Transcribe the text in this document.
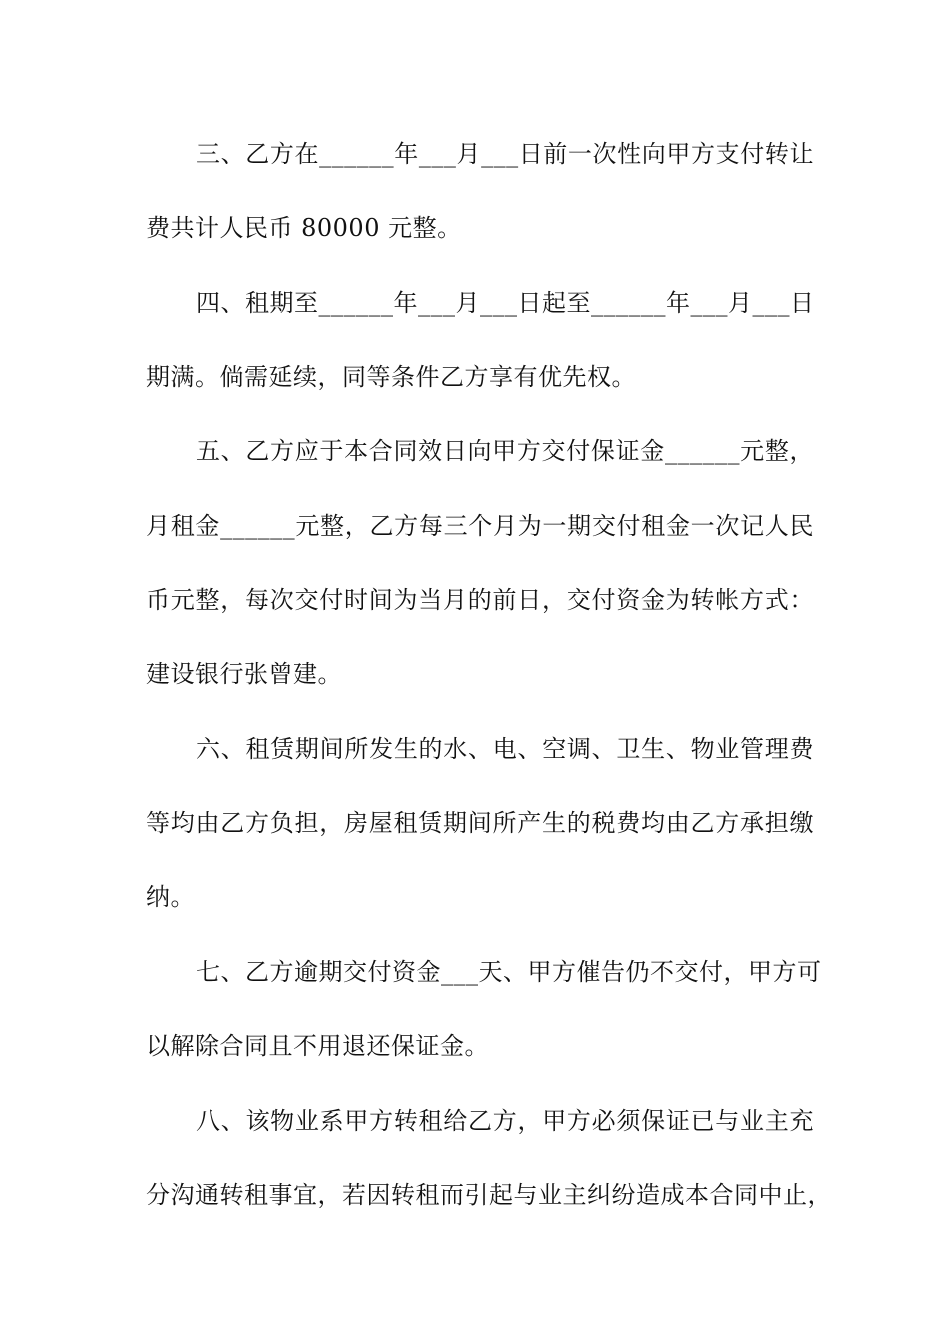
三、乙方在______年___月___日前一次性向甲方支付转让
费共计人民币 80000 元整。
四、租期至______年___月___日起至______年___月___日
期满。倘需延续，同等条件乙方享有优先权。
五、乙方应于本合同效日向甲方交付保证金______元整，
月租金______元整，乙方每三个月为一期交付租金一次记人民
币元整，每次交付时间为当月的前日，交付资金为转帐方式：
建设银行张曾建。
六、租赁期间所发生的水、电、空调、卫生、物业管理费
等均由乙方负担，房屋租赁期间所产生的税费均由乙方承担缴
纳。
七、乙方逾期交付资金___天、甲方催告仍不交付，甲方可
以解除合同且不用退还保证金。
八、该物业系甲方转租给乙方，甲方必须保证已与业主充
分沟通转租事宜，若因转租而引起与业主纠纷造成本合同中止，
